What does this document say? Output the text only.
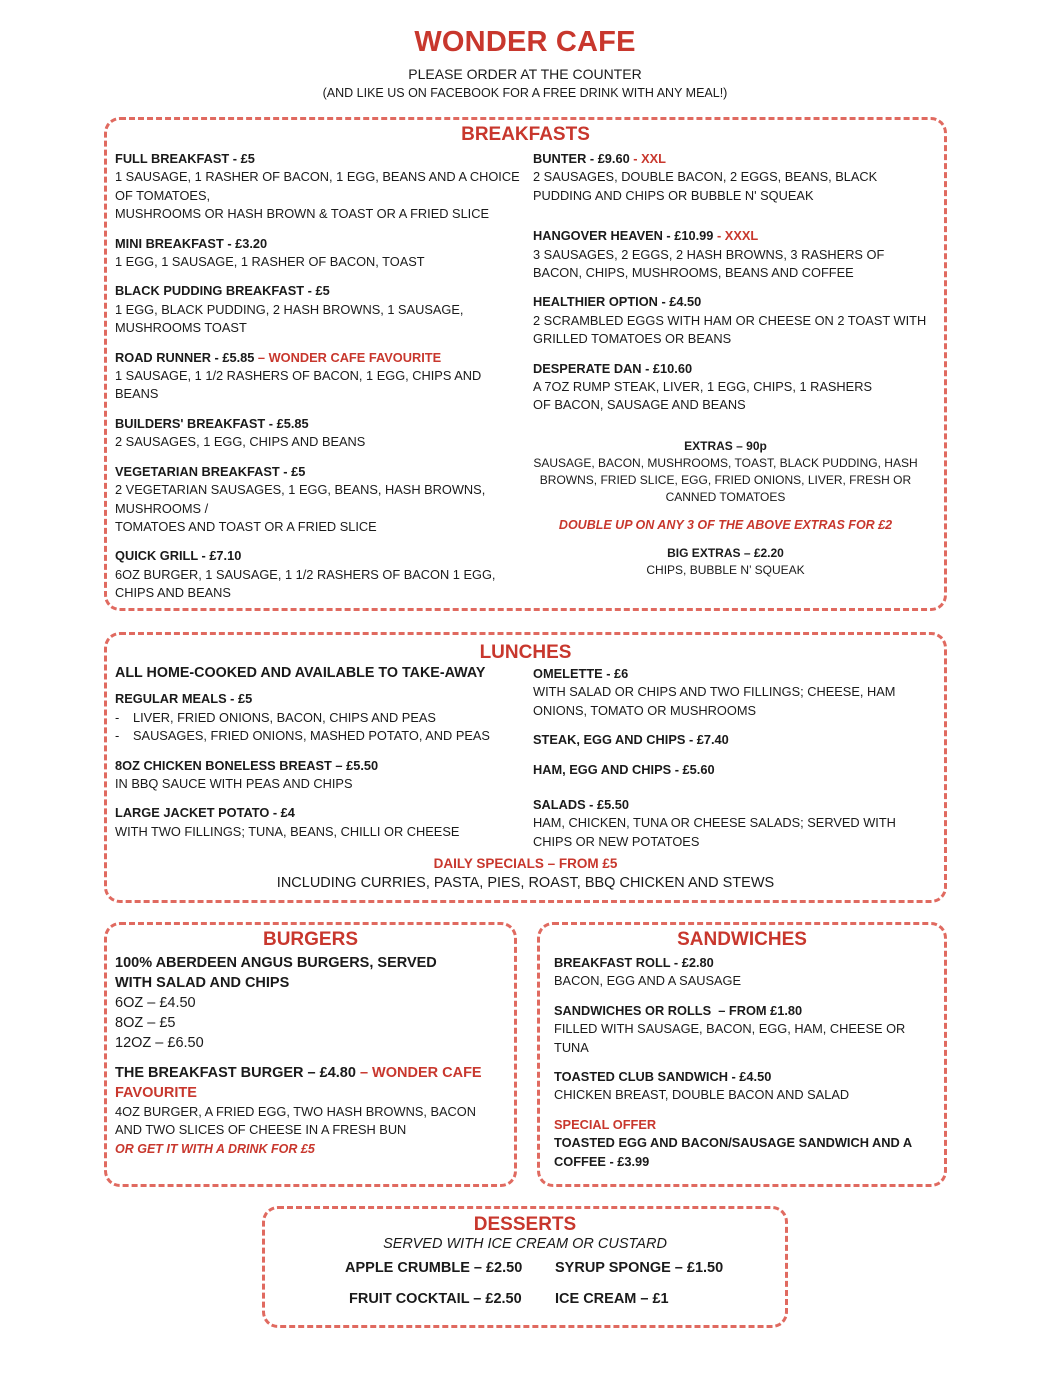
WONDER CAFE
PLEASE ORDER AT THE COUNTER
(AND LIKE US ON FACEBOOK FOR A FREE DRINK WITH ANY MEAL!)
BREAKFASTS
FULL BREAKFAST - £5
1 SAUSAGE, 1 RASHER OF BACON, 1 EGG, BEANS AND A CHOICE OF TOMATOES,
MUSHROOMS OR HASH BROWN & TOAST OR A FRIED SLICE
MINI BREAKFAST - £3.20
1 EGG, 1 SAUSAGE, 1 RASHER OF BACON, TOAST
BLACK PUDDING BREAKFAST - £5
1 EGG, BLACK PUDDING, 2 HASH BROWNS, 1 SAUSAGE, MUSHROOMS TOAST
ROAD RUNNER - £5.85 – WONDER CAFE FAVOURITE
1 SAUSAGE, 1 1/2 RASHERS OF BACON, 1 EGG, CHIPS AND BEANS
BUILDERS' BREAKFAST - £5.85
2 SAUSAGES, 1 EGG, CHIPS AND BEANS
VEGETARIAN BREAKFAST - £5
2 VEGETARIAN SAUSAGES, 1 EGG, BEANS, HASH BROWNS, MUSHROOMS /
TOMATOES AND TOAST OR A FRIED SLICE
QUICK GRILL - £7.10
6OZ BURGER, 1 SAUSAGE, 1 1/2 RASHERS OF BACON 1 EGG, CHIPS AND BEANS
BUNTER - £9.60 - XXL
2 SAUSAGES, DOUBLE BACON, 2 EGGS, BEANS, BLACK PUDDING AND CHIPS OR BUBBLE N' SQUEAK
HANGOVER HEAVEN - £10.99 - XXXL
3 SAUSAGES, 2 EGGS, 2 HASH BROWNS, 3 RASHERS OF BACON, CHIPS, MUSHROOMS, BEANS AND COFFEE
HEALTHIER OPTION - £4.50
2 SCRAMBLED EGGS WITH HAM OR CHEESE ON 2 TOAST WITH GRILLED TOMATOES OR BEANS
DESPERATE DAN - £10.60
A 7OZ RUMP STEAK, LIVER, 1 EGG, CHIPS, 1 RASHERS OF BACON, SAUSAGE AND BEANS
EXTRAS – 90p
SAUSAGE, BACON, MUSHROOMS, TOAST, BLACK PUDDING, HASH BROWNS, FRIED SLICE, EGG, FRIED ONIONS, LIVER, FRESH OR CANNED TOMATOES
DOUBLE UP ON ANY 3 OF THE ABOVE EXTRAS FOR £2
BIG EXTRAS – £2.20
CHIPS, BUBBLE N’ SQUEAK
LUNCHES
ALL HOME-COOKED AND AVAILABLE TO TAKE-AWAY
REGULAR MEALS - £5
- LIVER, FRIED ONIONS, BACON, CHIPS AND PEAS
- SAUSAGES, FRIED ONIONS, MASHED POTATO, AND PEAS
8OZ CHICKEN BONELESS BREAST – £5.50
IN BBQ SAUCE WITH PEAS AND CHIPS
LARGE JACKET POTATO - £4
WITH TWO FILLINGS; TUNA, BEANS, CHILLI OR CHEESE
OMELETTE - £6
WITH SALAD OR CHIPS AND TWO FILLINGS; CHEESE, HAM ONIONS, TOMATO OR MUSHROOMS
STEAK, EGG AND CHIPS - £7.40
HAM, EGG AND CHIPS - £5.60
SALADS - £5.50
HAM, CHICKEN, TUNA OR CHEESE SALADS; SERVED WITH CHIPS OR NEW POTATOES
DAILY SPECIALS – FROM £5
INCLUDING CURRIES, PASTA, PIES, ROAST, BBQ CHICKEN AND STEWS
BURGERS
100% ABERDEEN ANGUS BURGERS, SERVED WITH SALAD AND CHIPS
6OZ – £4.50
8OZ – £5
12OZ – £6.50
THE BREAKFAST BURGER – £4.80 – WONDER CAFE FAVOURITE
4OZ BURGER, A FRIED EGG, TWO HASH BROWNS, BACON AND TWO SLICES OF CHEESE IN A FRESH BUN
OR GET IT WITH A DRINK FOR £5
SANDWICHES
BREAKFAST ROLL - £2.80
BACON, EGG AND A SAUSAGE
SANDWICHES OR ROLLS  – FROM £1.80
FILLED WITH SAUSAGE, BACON, EGG, HAM, CHEESE OR TUNA
TOASTED CLUB SANDWICH - £4.50
CHICKEN BREAST, DOUBLE BACON AND SALAD
SPECIAL OFFER
TOASTED EGG AND BACON/SAUSAGE SANDWICH AND A COFFEE - £3.99
DESSERTS
SERVED WITH ICE CREAM OR CUSTARD
APPLE CRUMBLE – £2.50 SYRUP SPONGE – £1.50
FRUIT COCKTAIL – £2.50 ICE CREAM – £1
